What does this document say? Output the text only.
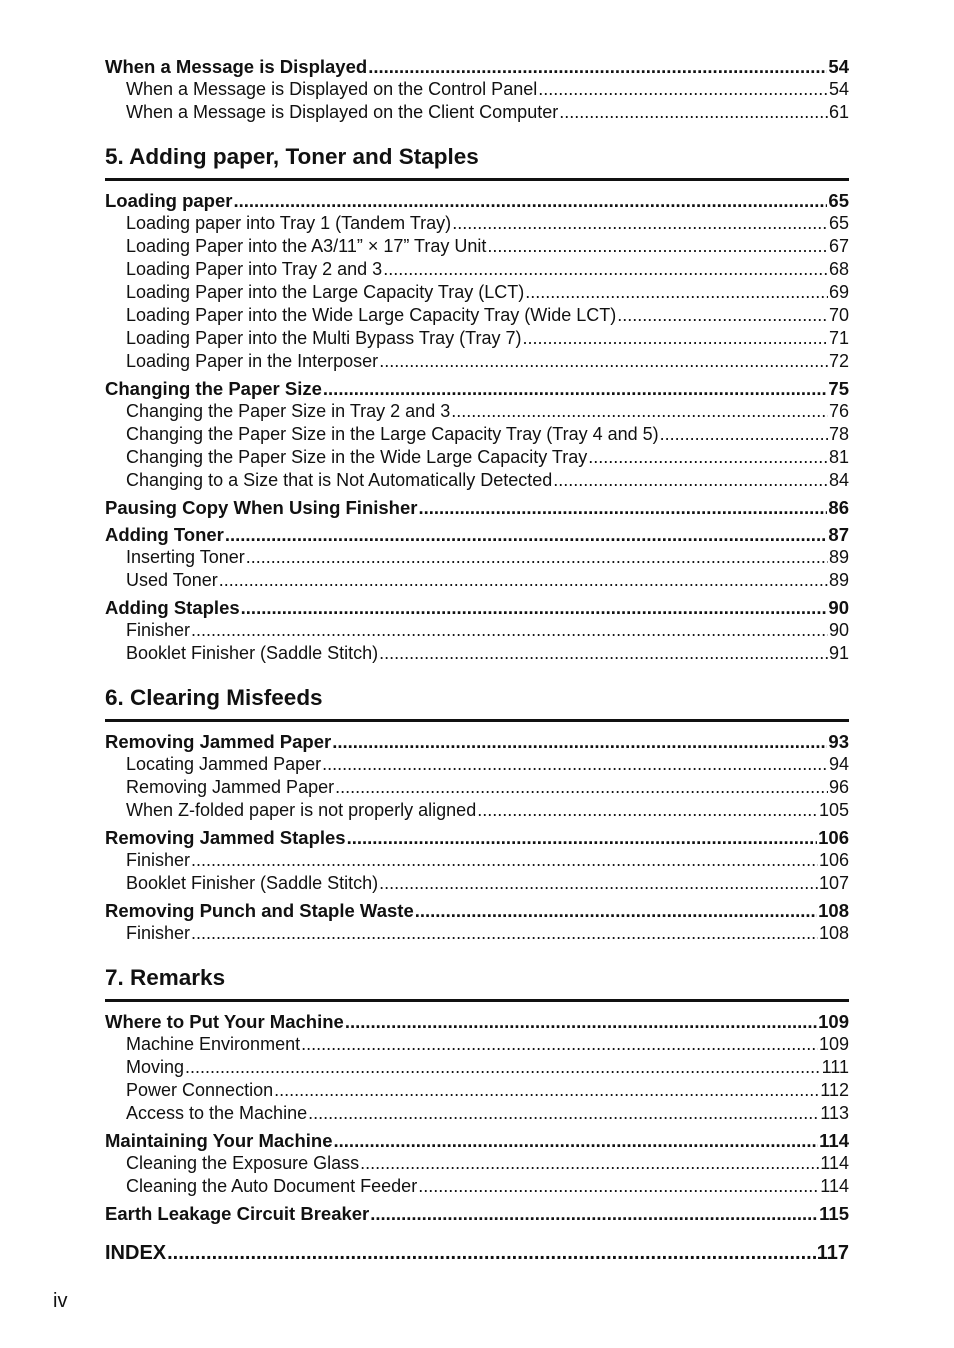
When a Message is Displayed .....	54
When a Message is Displayed on the Control Panel .....	54
When a Message is Displayed on the Client Computer .....	61
5. Adding paper, Toner and Staples
Loading paper .....	65
Loading paper into Tray 1 (Tandem Tray) .....	65
Loading Paper into the A3/11” × 17” Tray Unit .....	67
Loading Paper into Tray 2 and 3 .....	68
Loading Paper into the Large Capacity Tray (LCT) .....	69
Loading Paper into the Wide Large Capacity Tray (Wide LCT) .....	70
Loading Paper into the Multi Bypass Tray (Tray 7) .....	71
Loading Paper in the Interposer .....	72
Changing the Paper Size .....	75
Changing the Paper Size in Tray 2 and 3 .....	76
Changing the Paper Size in the Large Capacity Tray (Tray 4 and 5) .....	78
Changing the Paper Size in the Wide Large Capacity Tray .....	81
Changing to a Size that is Not Automatically Detected .....	84
Pausing Copy When Using Finisher .....	86
Adding Toner .....	87
Inserting Toner .....	89
Used Toner .....	89
Adding Staples .....	90
Finisher .....	90
Booklet Finisher (Saddle Stitch) .....	91
6. Clearing Misfeeds
Removing Jammed Paper .....	93
Locating Jammed Paper .....	94
Removing Jammed Paper .....	96
When Z-folded paper is not properly aligned .....	105
Removing Jammed Staples .....	106
Finisher .....	106
Booklet Finisher (Saddle Stitch) .....	107
Removing Punch and Staple Waste .....	108
Finisher .....	108
7. Remarks
Where to Put Your Machine .....	109
Machine Environment .....	109
Moving .....	111
Power Connection .....	112
Access to the Machine .....	113
Maintaining Your Machine .....	114
Cleaning the Exposure Glass .....	114
Cleaning the Auto Document Feeder .....	114
Earth Leakage Circuit Breaker .....	115
INDEX .....	117
iv
